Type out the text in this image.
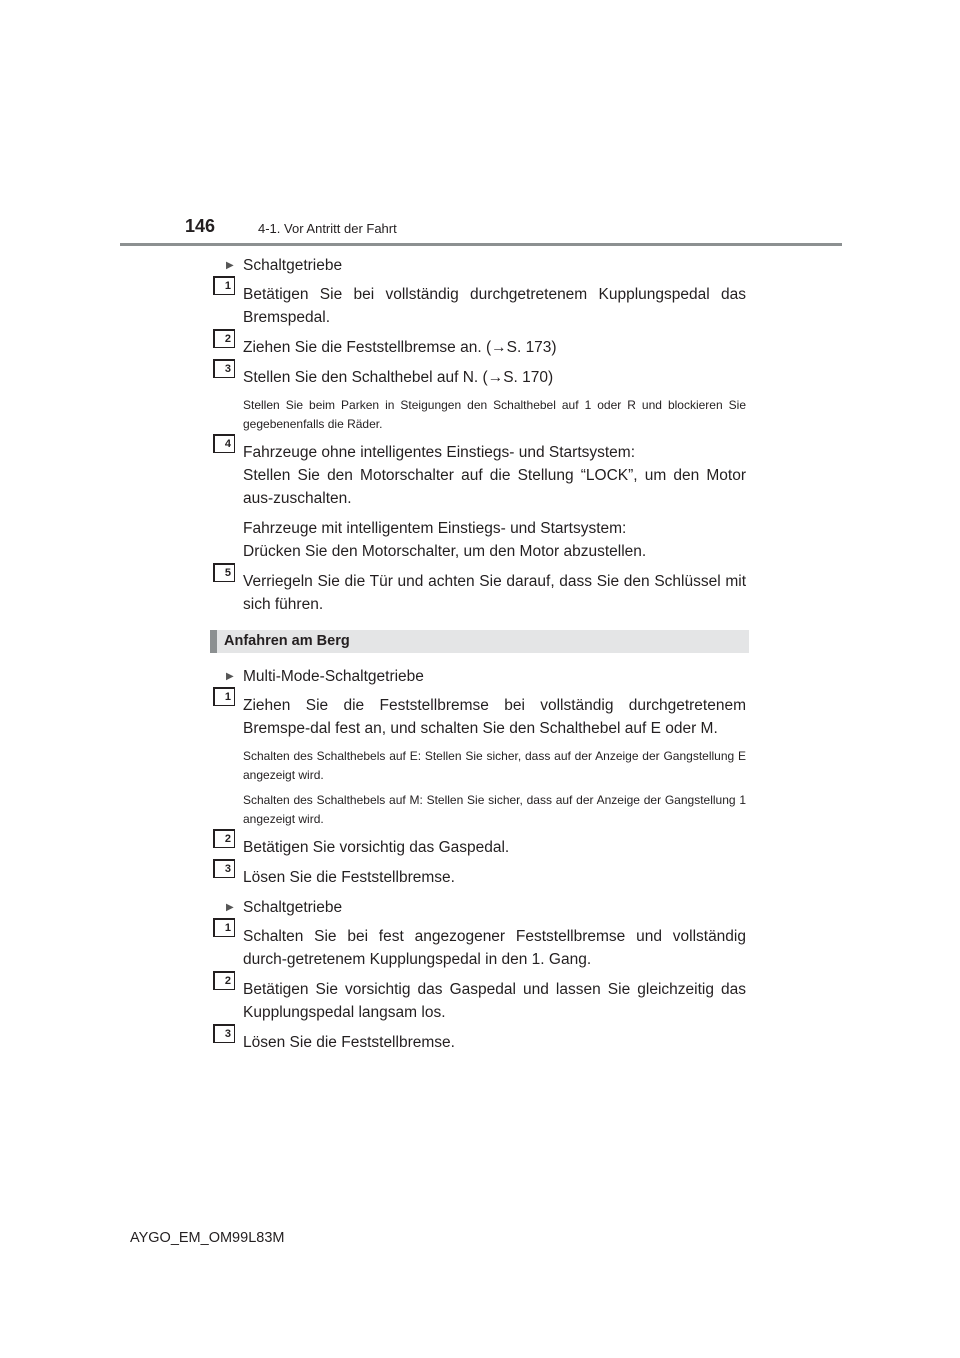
146	4-1. Vor Antritt der Fahrt
▶ Schaltgetriebe
1 Betätigen Sie bei vollständig durchgetretenem Kupplungspedal das Bremspedal.

2 Ziehen Sie die Feststellbremse an. (→S. 173)

3 Stellen Sie den Schalthebel auf N. (→S. 170)

Stellen Sie beim Parken in Steigungen den Schalthebel auf 1 oder R und blockieren Sie gegebenenfalls die Räder.

4 Fahrzeuge ohne intelligentes Einstiegs- und Startsystem:
Stellen Sie den Motorschalter auf die Stellung “LOCK”, um den Motor aus-zuschalten.

Fahrzeuge mit intelligentem Einstiegs- und Startsystem:
Drücken Sie den Motorschalter, um den Motor abzustellen.

5 Verriegeln Sie die Tür und achten Sie darauf, dass Sie den Schlüssel mit sich führen.

Anfahren am Berg
▶ Multi-Mode-Schaltgetriebe
1 Ziehen Sie die Feststellbremse bei vollständig durchgetretenem Bremspe-dal fest an, und schalten Sie den Schalthebel auf E oder M.

Schalten des Schalthebels auf E: Stellen Sie sicher, dass auf der Anzeige der Gangstellung E angezeigt wird.

Schalten des Schalthebels auf M: Stellen Sie sicher, dass auf der Anzeige der Gangstellung 1 angezeigt wird.

2 Betätigen Sie vorsichtig das Gaspedal.

3 Lösen Sie die Feststellbremse.

▶ Schaltgetriebe
1 Schalten Sie bei fest angezogener Feststellbremse und vollständig durch-getretenem Kupplungspedal in den 1. Gang.

2 Betätigen Sie vorsichtig das Gaspedal und lassen Sie gleichzeitig das Kupplungspedal langsam los.

3 Lösen Sie die Feststellbremse.

AYGO_EM_OM99L83M
